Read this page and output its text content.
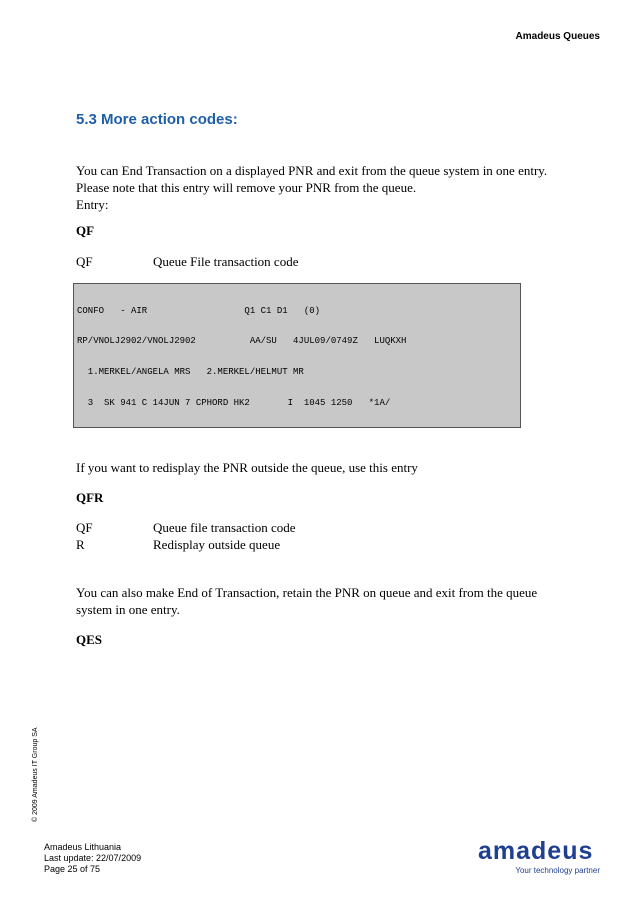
Amadeus Queues
5.3 More action codes:
You can End Transaction on a displayed PNR and exit from the queue system in one entry.
Please note that this entry will remove your PNR from the queue.
Entry:
QF
QF	Queue File transaction code

CONFO   - AIR                  Q1 C1 D1   (0)

RP/VNOLJ2902/VNOLJ2902          AA/SU   4JUL09/0749Z   LUQKXH

1.MERKEL/ANGELA MRS   2.MERKEL/HELMUT MR

3  SK 941 C 14JUN 7 CPHORD HK2       I  1045 1250   *1A/

If you want to redisplay the PNR outside the queue, use this entry
QFR
QF	Queue file transaction code
R	Redisplay outside queue
You can also make End of Transaction, retain the PNR on queue and exit from the queue
system in one entry.
QES
© 2009 Amadeus IT Group SA
Amadeus Lithuania
Last update: 22/07/2009
Page 25 of 75
amadeus
Your technology partner
